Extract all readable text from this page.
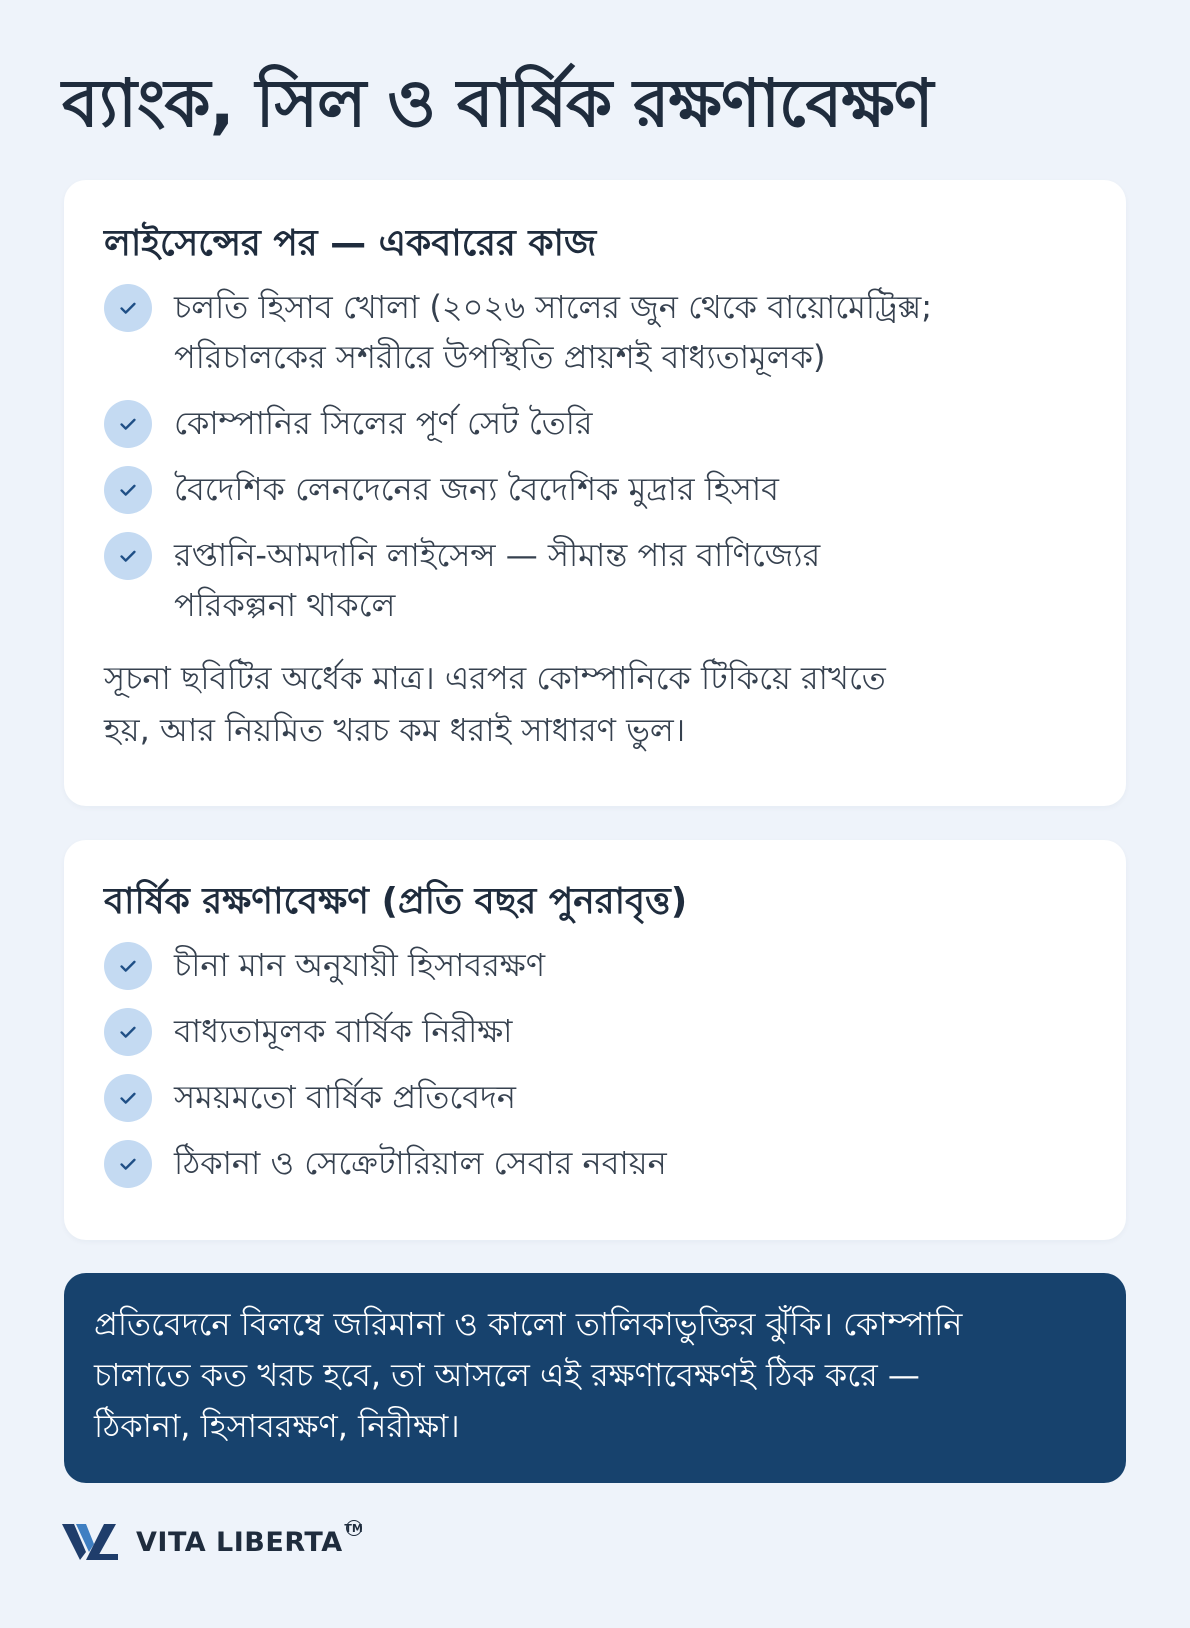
ব্যাংক, সিল ও বার্ষিক রক্ষণাবেক্ষণ
লাইসেন্সের পর — একবারের কাজ
চলতি হিসাব খোলা (২০২৬ সালের জুন থেকে বায়োমেট্রিক্স;
পরিচালকের সশরীরে উপস্থিতি প্রায়শই বাধ্যতামূলক)
কোম্পানির সিলের পূর্ণ সেট তৈরি
বৈদেশিক লেনদেনের জন্য বৈদেশিক মুদ্রার হিসাব
রপ্তানি-আমদানি লাইসেন্স — সীমান্ত পার বাণিজ্যের
পরিকল্পনা থাকলে

সূচনা ছবিটির অর্ধেক মাত্র। এরপর কোম্পানিকে টিকিয়ে রাখতে
হয়, আর নিয়মিত খরচ কম ধরাই সাধারণ ভুল।

বার্ষিক রক্ষণাবেক্ষণ (প্রতি বছর পুনরাবৃত্ত)
চীনা মান অনুযায়ী হিসাবরক্ষণ
বাধ্যতামূলক বার্ষিক নিরীক্ষা
সময়মতো বার্ষিক প্রতিবেদন
ঠিকানা ও সেক্রেটারিয়াল সেবার নবায়ন

প্রতিবেদনে বিলম্বে জরিমানা ও কালো তালিকাভুক্তির ঝুঁকি। কোম্পানি
চালাতে কত খরচ হবে, তা আসলে এই রক্ষণাবেক্ষণই ঠিক করে —
ঠিকানা, হিসাবরক্ষণ, নিরীক্ষা।

VITA LIBERTA TM
